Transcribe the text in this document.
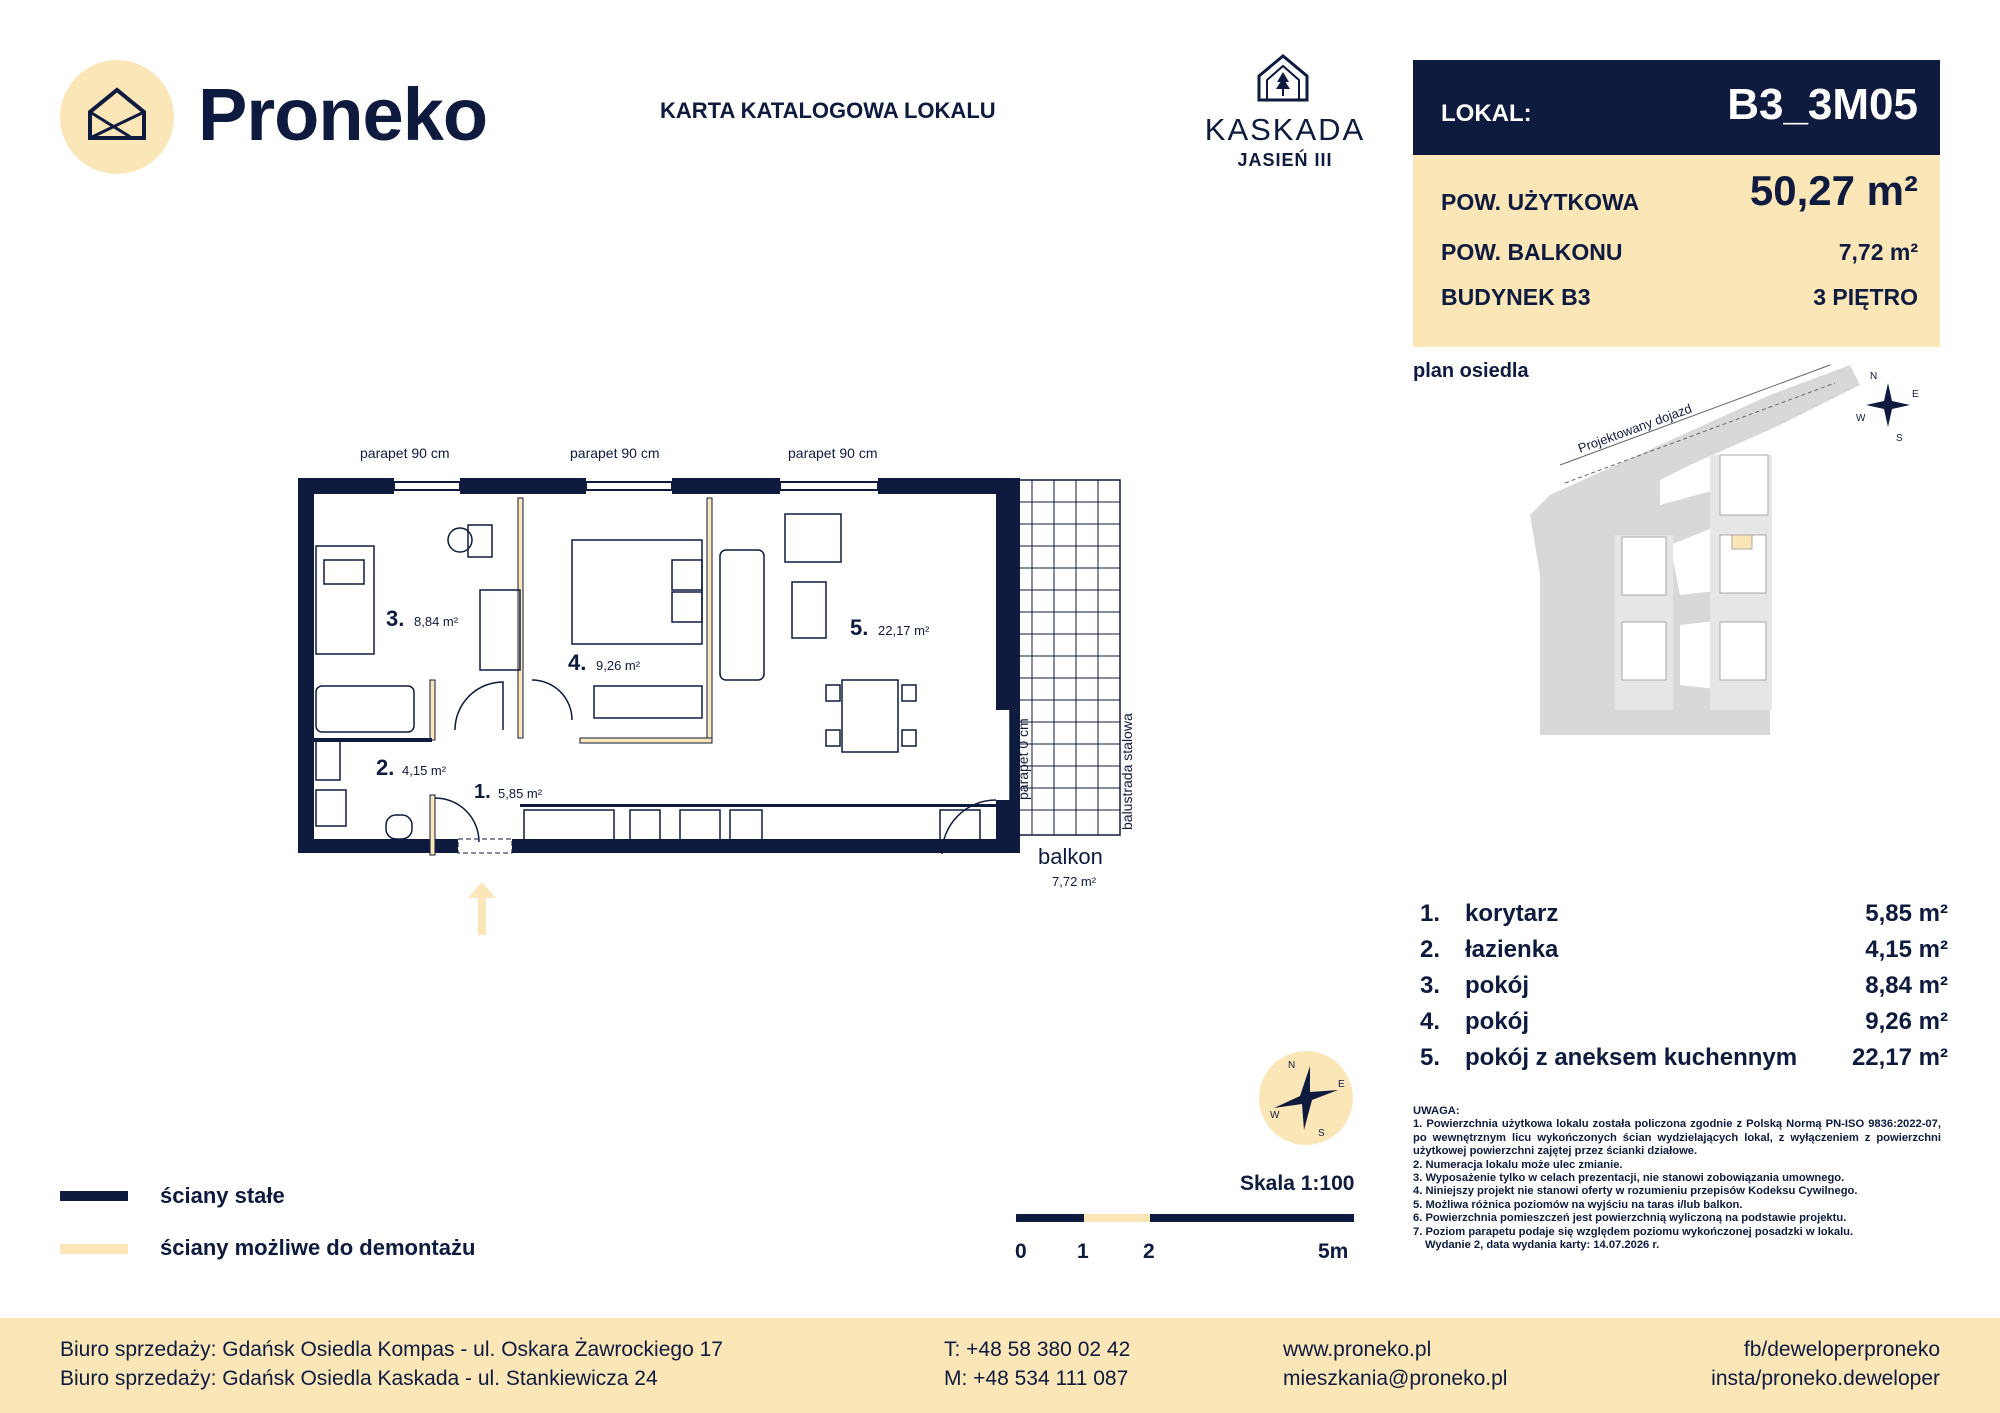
Proneko	KARTA KATALOGOWA LOKALU
KASKADA
JASIEŃ III
LOKAL:	B3_3M05
POW. UŻYTKOWA	50,27 m²
POW. BALKONU	7,72 m²
BUDYNEK B3	3 PIĘTRO
plan osiedla
Projektowany dojazd
N
E
S
W
parapet 90 cm	parapet 90 cm	parapet 90 cm
parapet 0 cm	balustrada stalowa
balkon
7,72 m²
3. 8,84 m²
4. 9,26 m²
5. 22,17 m²
2. 4,15 m²
1. 5,85 m²
1. korytarz	5,85 m²
2. łazienka	4,15 m²
3. pokój	8,84 m²
4. pokój	9,26 m²
5. pokój z aneksem kuchennym 22,17 m²
UWAGA:
1. Powierzchnia użytkowa lokalu została policzona zgodnie z Polską Normą PN-ISO 9836:2022-07, po wewnętrznym licu wykończonych ścian wydzielających lokal, z wyłączeniem z powierzchni użytkowej powierzchni zajętej przez ścianki działowe.
2. Numeracja lokalu może ulec zmianie.
3. Wyposażenie tylko w celach prezentacji, nie stanowi zobowiązania umownego.
4. Niniejszy projekt nie stanowi oferty w rozumieniu przepisów Kodeksu Cywilnego.
5. Możliwa różnica poziomów na wyjściu na taras i/lub balkon.
6. Powierzchnia pomieszczeń jest powierzchnią wyliczoną na podstawie projektu.
7. Poziom parapetu podaje się względem poziomu wykończonej posadzki w lokalu.
Wydanie 2, data wydania karty: 14.07.2026 r.
N
E
S
W
ściany stałe
ściany możliwe do demontażu
Skala 1:100
0 1	2	5m
Biuro sprzedaży: Gdańsk Osiedla Kompas - ul. Oskara Żawrockiego 17
Biuro sprzedaży: Gdańsk Osiedla Kaskada - ul. Stankiewicza 24
T: +48 58 380 02 42
M: +48 534 111 087
www.proneko.pl
mieszkania@proneko.pl
fb/deweloperproneko
insta/proneko.deweloper
